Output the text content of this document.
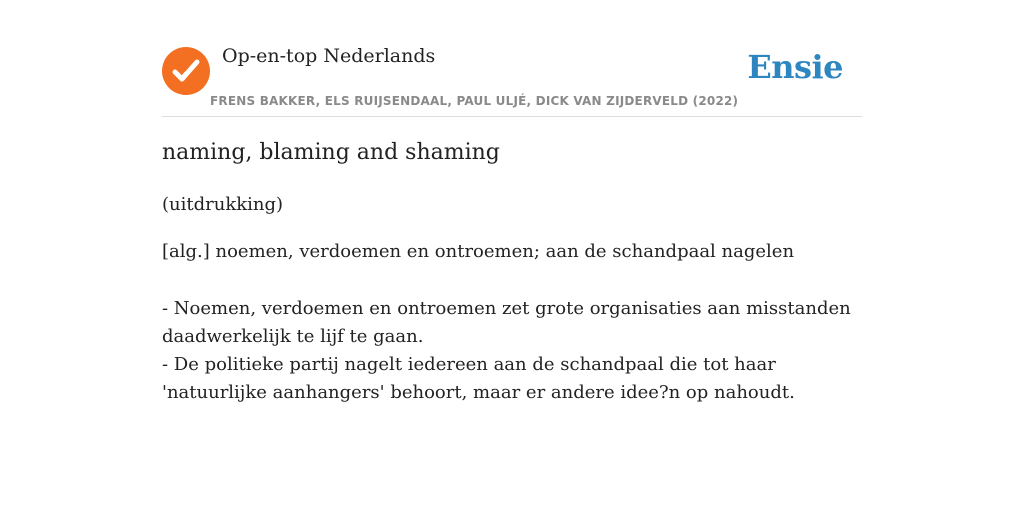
Op-en-top Nederlands
FRENS BAKKER, ELS RUIJSENDAAL, PAUL ULJÉ, DICK VAN ZIJDERVELD (2022)
Ensie
naming, blaming and shaming
(uitdrukking)
[alg.] noemen, verdoemen en ontroemen; aan de schandpaal nagelen
- Noemen, verdoemen en ontroemen zet grote organisaties aan misstanden daadwerkelijk te lijf te gaan.
- De politieke partij nagelt iedereen aan de schandpaal die tot haar 'natuurlijke aanhangers' behoort, maar er andere idee?n op nahoudt.
